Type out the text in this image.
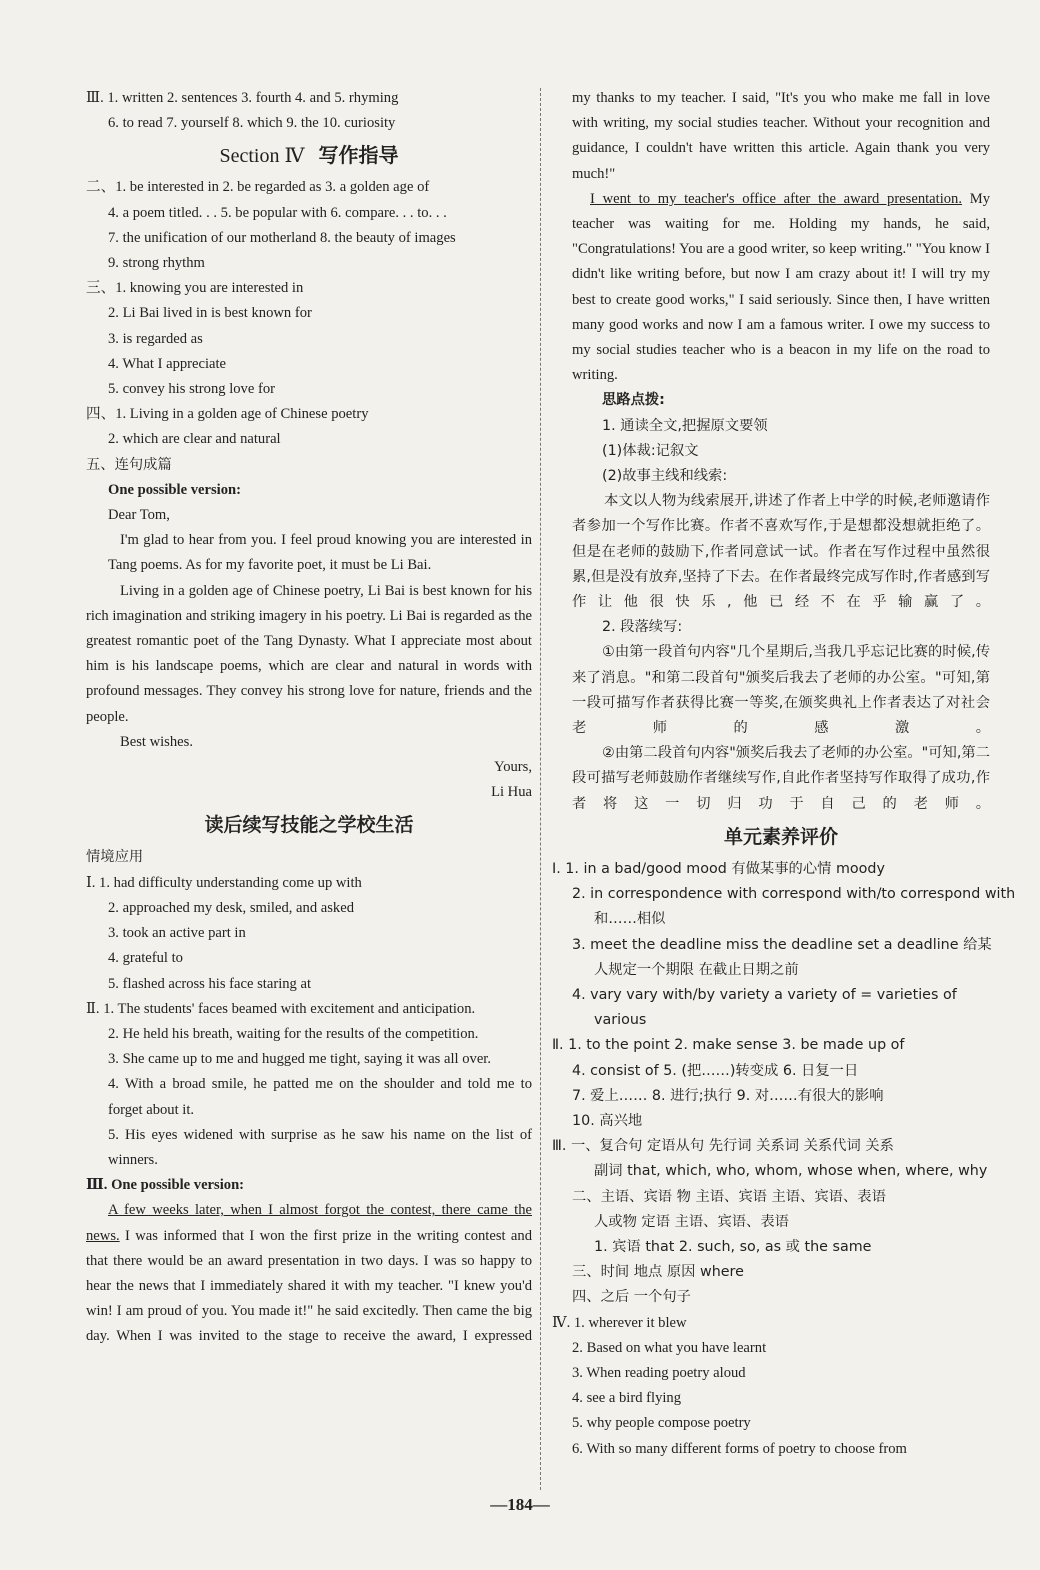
Ⅲ. 1. written 2. sentences 3. fourth 4. and 5. rhyming
6. to read 7. yourself 8. which 9. the 10. curiosity
Section Ⅳ 写作指导
二、1. be interested in 2. be regarded as 3. a golden age of
4. a poem titled. . . 5. be popular with 6. compare. . . to. . .
7. the unification of our motherland 8. the beauty of images
9. strong rhythm
三、1. knowing you are interested in
2. Li Bai lived in is best known for
3. is regarded as
4. What I appreciate
5. convey his strong love for
四、1. Living in a golden age of Chinese poetry
2. which are clear and natural
五、连句成篇
One possible version:
Dear Tom,
I'm glad to hear from you. I feel proud knowing you are interested in Tang poems. As for my favorite poet, it must be Li Bai.
Living in a golden age of Chinese poetry, Li Bai is best known for his rich imagination and striking imagery in his poetry. Li Bai is regarded as the greatest romantic poet of the Tang Dynasty. What I appreciate most about him is his landscape poems, which are clear and natural in words with profound messages. They convey his strong love for nature, friends and the people.
Best wishes.
Yours,
Li Hua
读后续写技能之学校生活
情境应用
Ⅰ. 1. had difficulty understanding come up with
2. approached my desk, smiled, and asked
3. took an active part in
4. grateful to
5. flashed across his face staring at
Ⅱ. 1. The students' faces beamed with excitement and anticipation.
2. He held his breath, waiting for the results of the competition.
3. She came up to me and hugged me tight, saying it was all over.
4. With a broad smile, he patted me on the shoulder and told me to forget about it.
5. His eyes widened with surprise as he saw his name on the list of winners.
Ⅲ. One possible version:
A few weeks later, when I almost forgot the contest, there came the news. I was informed that I won the first prize in the writing contest and that there would be an award presentation in two days. I was so happy to hear the news that I immediately shared it with my teacher. "I knew you'd win! I am proud of you. You made it!" he said excitedly. Then came the big day. When I was invited to the stage to receive the award, I expressed
my thanks to my teacher. I said, "It's you who make me fall in love with writing, my social studies teacher. Without your recognition and guidance, I couldn't have written this article. Again thank you very much!"
I went to my teacher's office after the award presentation. My teacher was waiting for me. Holding my hands, he said, "Congratulations! You are a good writer, so keep writing." "You know I didn't like writing before, but now I am crazy about it! I will try my best to create good works," I said seriously. Since then, I have written many good works and now I am a famous writer. I owe my success to my social studies teacher who is a beacon in my life on the road to writing.
思路点拨:
1. 通读全文,把握原文要领
(1)体裁:记叙文
(2)故事主线和线索:
本文以人物为线索展开,讲述了作者上中学的时候,老师邀请作者参加一个写作比赛。作者不喜欢写作,于是想都没想就拒绝了。但是在老师的鼓励下,作者同意试一试。作者在写作过程中虽然很累,但是没有放弃,坚持了下去。在作者最终完成写作时,作者感到写作让他很快乐,他已经不在乎输赢了。
2. 段落续写:
①由第一段首句内容"几个星期后,当我几乎忘记比赛的时候,传来了消息。"和第二段首句"颁奖后我去了老师的办公室。"可知,第一段可描写作者获得比赛一等奖,在颁奖典礼上作者表达了对社会老师的感激。
②由第二段首句内容"颁奖后我去了老师的办公室。"可知,第二段可描写老师鼓励作者继续写作,自此作者坚持写作取得了成功,作者将这一切归功于自己的老师。
单元素养评价
Ⅰ. 1. in a bad/good mood 有做某事的心情 moody
2. in correspondence with correspond with/to correspond with
和……相似
3. meet the deadline miss the deadline set a deadline 给某
人规定一个期限 在截止日期之前
4. vary vary with/by variety a variety of = varieties of
various
Ⅱ. 1. to the point 2. make sense 3. be made up of
4. consist of 5. (把……)转变成 6. 日复一日
7. 爱上…… 8. 进行;执行 9. 对……有很大的影响
10. 高兴地
Ⅲ. 一、复合句 定语从句 先行词 关系词 关系代词 关系
副词 that, which, who, whom, whose when, where, why
二、主语、宾语 物 主语、宾语 主语、宾语、表语
人或物 定语 主语、宾语、表语
1. 宾语 that 2. such, so, as 或 the same
三、时间 地点 原因 where
四、之后 一个句子
Ⅳ. 1. wherever it blew
2. Based on what you have learnt
3. When reading poetry aloud
4. see a bird flying
5. why people compose poetry
6. With so many different forms of poetry to choose from
—184—
